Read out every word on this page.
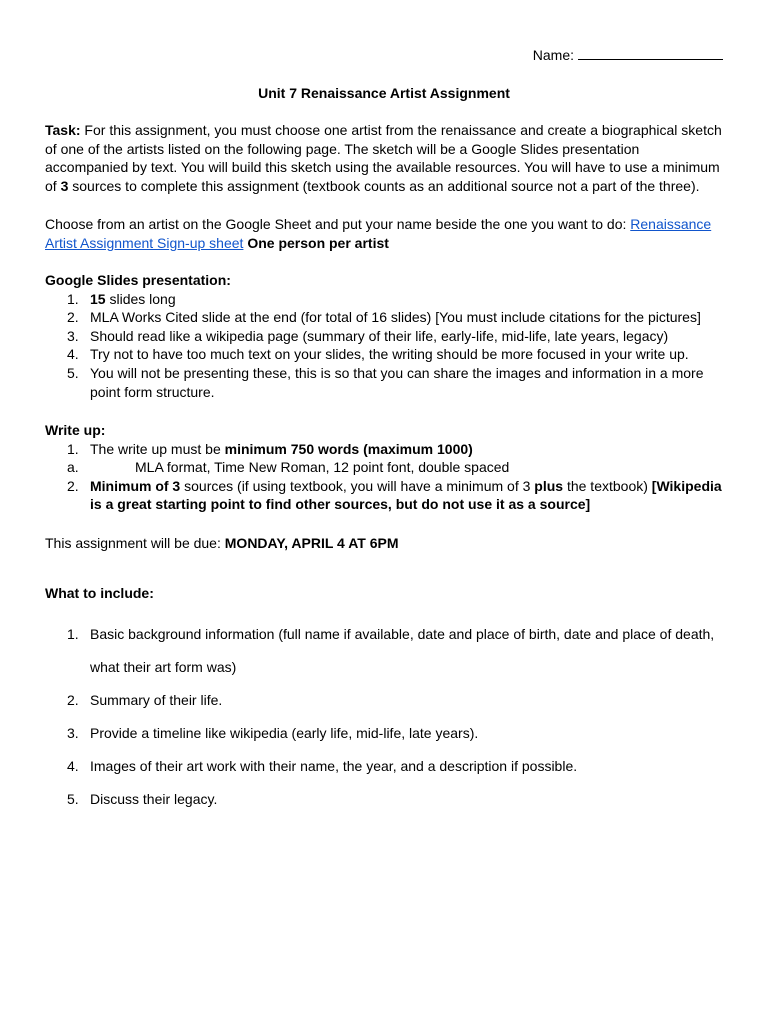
Name:
Unit 7 Renaissance Artist Assignment
Task: For this assignment, you must choose one artist from the renaissance and create a biographical sketch of one of the artists listed on the following page. The sketch will be a Google Slides presentation accompanied by text. You will build this sketch using the available resources. You will have to use a minimum of 3 sources to complete this assignment (textbook counts as an additional source not a part of the three).
Choose from an artist on the Google Sheet and put your name beside the one you want to do: Renaissance Artist Assignment Sign-up sheet One person per artist
Google Slides presentation:
1. 15 slides long
2. MLA Works Cited slide at the end (for total of 16 slides) [You must include citations for the pictures]
3. Should read like a wikipedia page (summary of their life, early-life, mid-life, late years, legacy)
4. Try not to have too much text on your slides, the writing should be more focused in your write up.
5. You will not be presenting these, this is so that you can share the images and information in a more point form structure.
Write up:
1. The write up must be minimum 750 words (maximum 1000)
a.	MLA format, Time New Roman, 12 point font, double spaced
2. Minimum of 3 sources (if using textbook, you will have a minimum of 3 plus the textbook) [Wikipedia is a great starting point to find other sources, but do not use it as a source]
This assignment will be due: MONDAY, APRIL 4 AT 6PM
What to include:
1. Basic background information (full name if available, date and place of birth, date and place of death, what their art form was)
2. Summary of their life.
3. Provide a timeline like wikipedia (early life, mid-life, late years).
4. Images of their art work with their name, the year, and a description if possible.
5. Discuss their legacy.
